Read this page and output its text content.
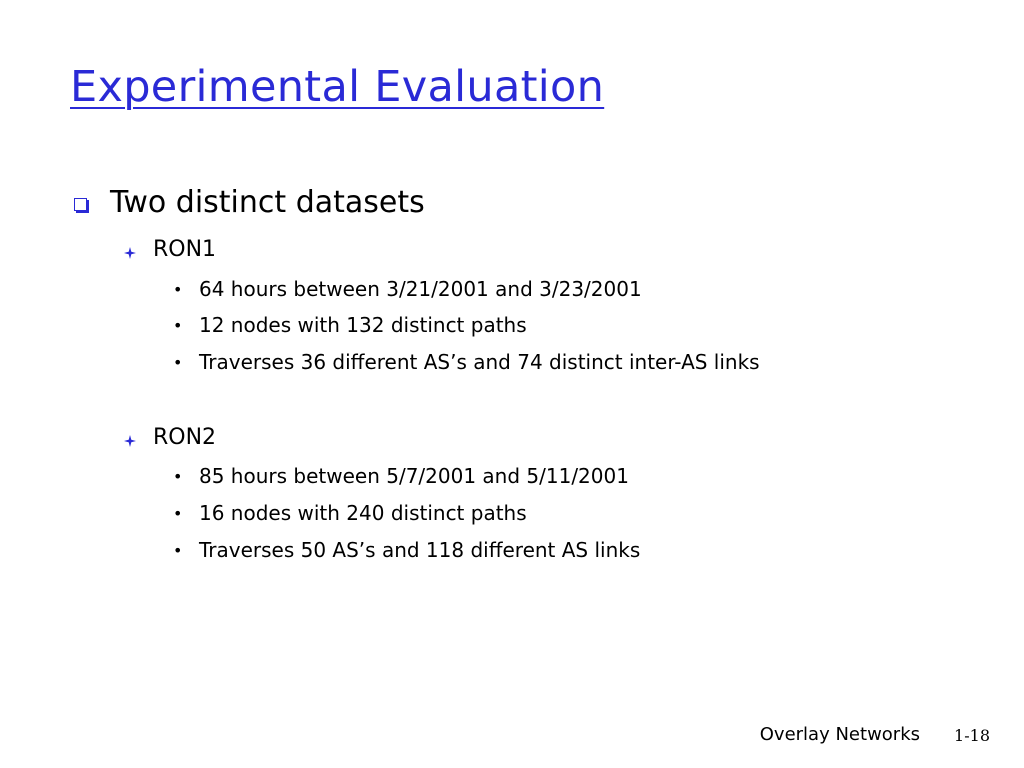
Experimental Evaluation
Two distinct datasets
RON1
• 64 hours between 3/21/2001 and 3/23/2001
• 12 nodes with 132 distinct paths
• Traverses 36 different AS’s and 74 distinct inter-AS links
RON2
• 85 hours between 5/7/2001 and 5/11/2001
• 16 nodes with 240 distinct paths
• Traverses 50 AS’s and 118 different AS links
Overlay Networks 1-18
